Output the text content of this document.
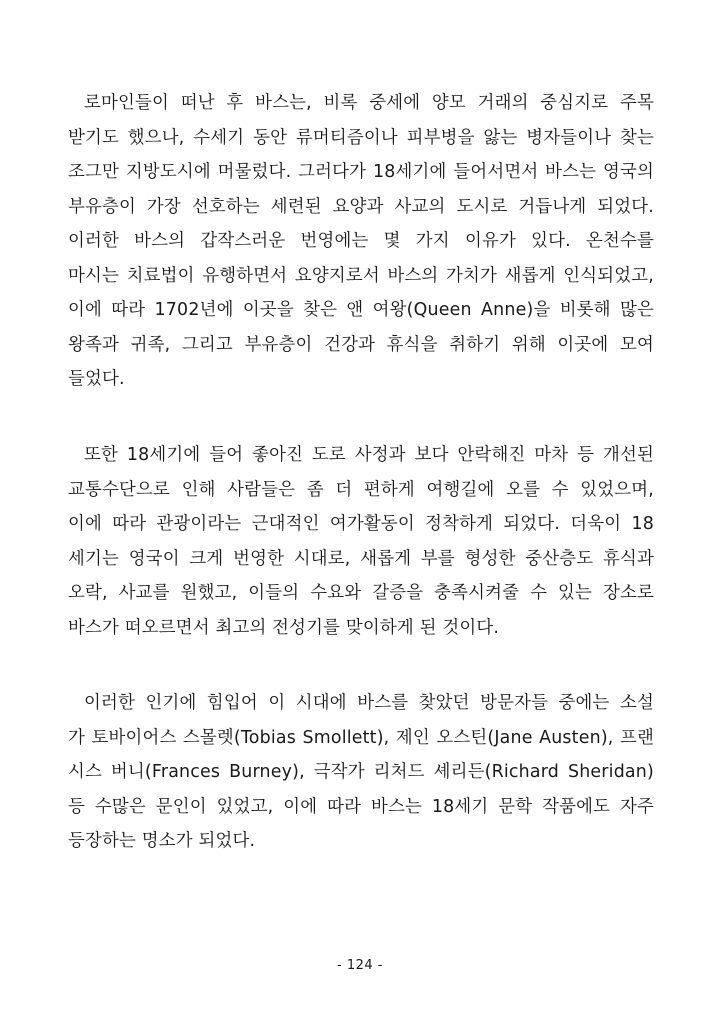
로마인들이 떠난 후 바스는, 비록 중세에 양모 거래의 중심지로 주목
받기도 했으나, 수세기 동안 류머티즘이나 피부병을 앓는 병자들이나 찾는
조그만 지방도시에 머물렀다. 그러다가 18세기에 들어서면서 바스는 영국의
부유층이 가장 선호하는 세련된 요양과 사교의 도시로 거듭나게 되었다.
이러한 바스의 갑작스러운 번영에는 몇 가지 이유가 있다. 온천수를
마시는 치료법이 유행하면서 요양지로서 바스의 가치가 새롭게 인식되었고,
이에 따라 1702년에 이곳을 찾은 앤 여왕(Queen Anne)을 비롯해 많은
왕족과 귀족, 그리고 부유층이 건강과 휴식을 취하기 위해 이곳에 모여
들었다.
또한 18세기에 들어 좋아진 도로 사정과 보다 안락해진 마차 등 개선된
교통수단으로 인해 사람들은 좀 더 편하게 여행길에 오를 수 있었으며,
이에 따라 관광이라는 근대적인 여가활동이 정착하게 되었다. 더욱이 18
세기는 영국이 크게 번영한 시대로, 새롭게 부를 형성한 중산층도 휴식과
오락, 사교를 원했고, 이들의 수요와 갈증을 충족시켜줄 수 있는 장소로
바스가 떠오르면서 최고의 전성기를 맞이하게 된 것이다.
이러한 인기에 힘입어 이 시대에 바스를 찾았던 방문자들 중에는 소설
가 토바이어스 스몰렛(Tobias Smollett), 제인 오스틴(Jane Austen), 프랜
시스 버니(Frances Burney), 극작가 리처드 셰리든(Richard Sheridan)
등 수많은 문인이 있었고, 이에 따라 바스는 18세기 문학 작품에도 자주
등장하는 명소가 되었다.
- 124 -
